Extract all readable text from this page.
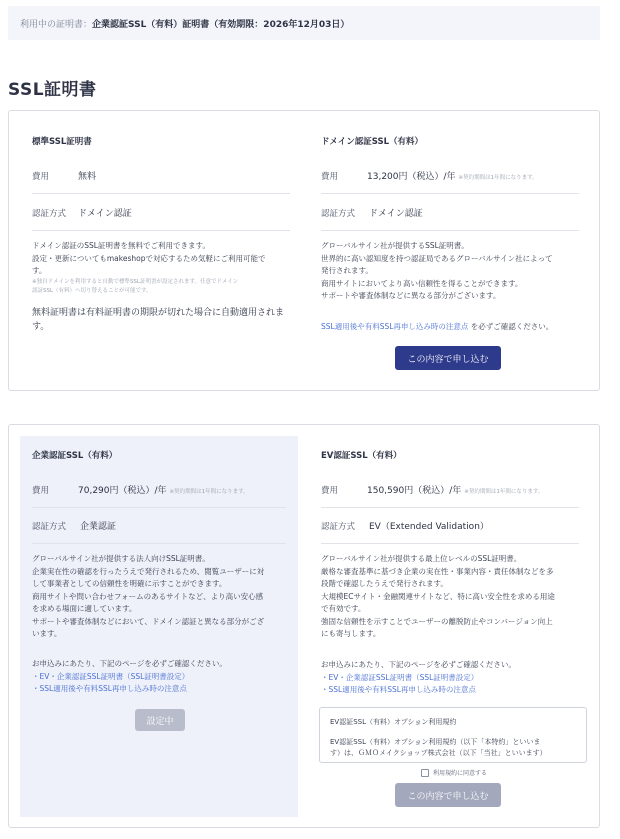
利用中の証明書： 企業認証SSL（有料）証明書（有効期限：2026年12月03日）
SSL証明書
標準SSL証明書
費用	無料
認証方式	ドメイン認証
ドメイン認証のSSL証明書を無料でご利用できます。
設定・更新についてもmakeshopで対応するため気軽にご利用可能で
す。
※独自ドメインを利用すると自動で標準SSL証明書が設定されます。任意でドメイン
認証SSL（有料）へ切り替えることが可能です。
無料証明書は有料証明書の期限が切れた場合に自動適用されま
す。
ドメイン認証SSL（有料）
費用	13,200円（税込）/年 ※契約期間は1年間になります。
認証方式	ドメイン認証
グローバルサイン社が提供するSSL証明書。
世界的に高い認知度を持つ認証局であるグローバルサイン社によって
発行されます。
商用サイトにおいてより高い信頼性を得ることができます。
サポートや審査体制などに異なる部分がございます。
SSL適用後や有料SSL再申し込み時の注意点 を必ずご確認ください。
この内容で申し込む
企業認証SSL（有料）
費用	70,290円（税込）/年 ※契約期間は1年間になります。
認証方式	企業認証
グローバルサイン社が提供する法人向けSSL証明書。
企業実在性の確認を行ったうえで発行されるため、閲覧ユーザーに対
して事業者としての信頼性を明確に示すことができます。
商用サイトや問い合わせフォームのあるサイトなど、より高い安心感
を求める場面に適しています。
サポートや審査体制などにおいて、ドメイン認証と異なる部分がござ
います。
お申込みにあたり、下記のページを必ずご確認ください。
・EV・企業認証SSL証明書（SSL証明書設定）
・SSL適用後や有料SSL再申し込み時の注意点
設定中
EV認証SSL（有料）
費用	150,590円（税込）/年 ※契約期間は1年間になります。
認証方式	EV（Extended Validation）
グローバルサイン社が提供する最上位レベルのSSL証明書。
厳格な審査基準に基づき企業の実在性・事業内容・責任体制などを多
段階で確認したうえで発行されます。
大規模ECサイト・金融関連サイトなど、特に高い安全性を求める用途
で有効です。
強固な信頼性を示すことでユーザーの離脱防止やコンバージョン向上
にも寄与します。
お申込みにあたり、下記のページを必ずご確認ください。
・EV・企業認証SSL証明書（SSL証明書設定）
・SSL適用後や有料SSL再申し込み時の注意点
EV認証SSL（有料）オプション利用規約
EV認証SSL（有料）オプション利用規約（以下「本特約」といいま
す）は、ＧＭＯメイクショップ株式会社（以下「当社」といいます）
利用規約に同意する
この内容で申し込む
